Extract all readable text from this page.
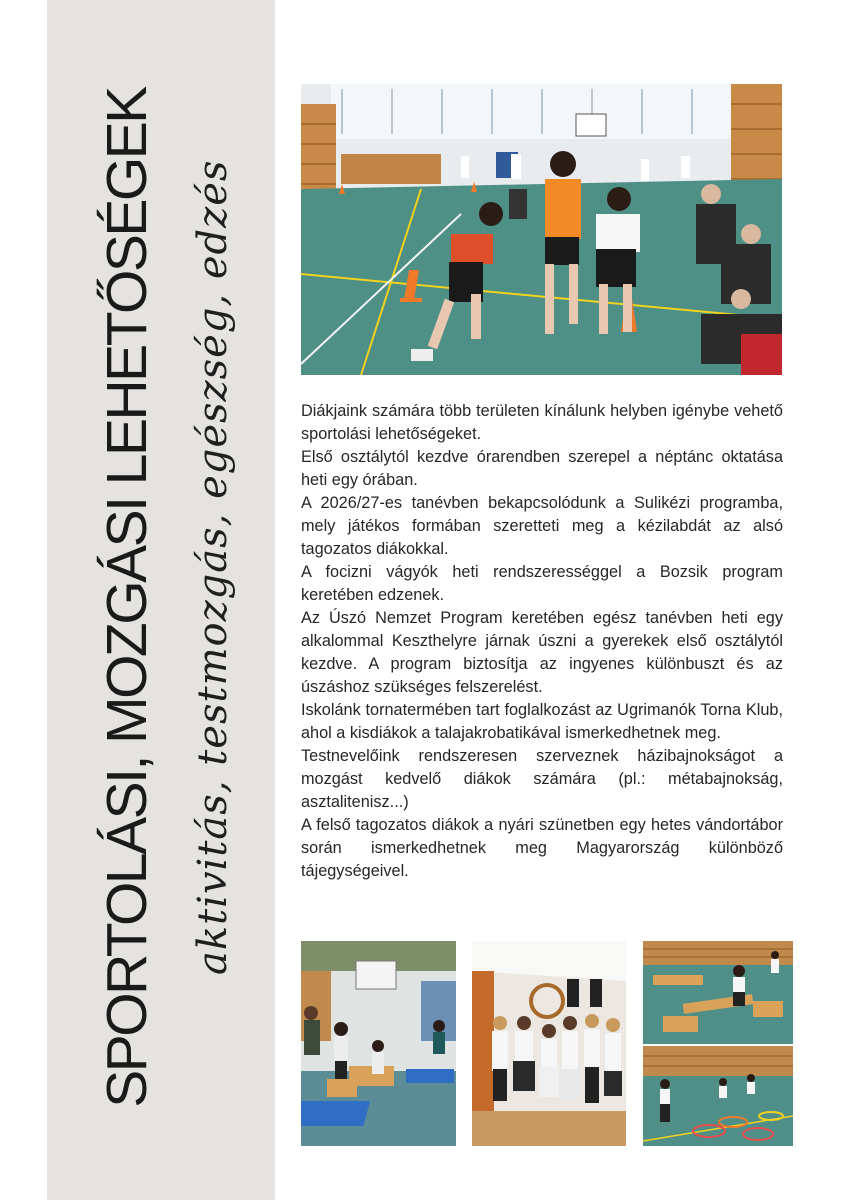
SPORTOLÁSI, MOZGÁSI LEHETŐSÉGEK aktivitás, testmozgás, egészség, edzés	Diákjaink számára több területen kínálunk helyben igénybe vehető sportolási lehetőségeket.

Első osztálytól kezdve órarendben szerepel a néptánc oktatása heti egy órában.

A 2026/27-es tanévben bekapcsolódunk a Sulikézi programba, mely játékos formában szeretteti meg a kézilabdát az alsó tagozatos diákokkal.

A focizni vágyók heti rendszerességgel a Bozsik program keretében edzenek.

Az Úszó Nemzet Program keretében egész tanévben heti egy alkalommal Keszthelyre járnak úszni a gyerekek első osztálytól kezdve. A program biztosítja az ingyenes különbuszt és az úszáshoz szükséges felszerelést.

Iskolánk tornatermében tart foglalkozást az Ugrimanók Torna Klub, ahol a kisdiákok a talajakrobatikával ismerkedhetnek meg.

Testnevelőink rendszeresen szerveznek házibajnokságot a mozgást kedvelő diákok számára (pl.: métabajnokság, asztalitenisz...)

A felső tagozatos diákok a nyári szünetben egy hetes vándortábor során ismerkedhetnek meg Magyarország különböző tájegységeivel.
